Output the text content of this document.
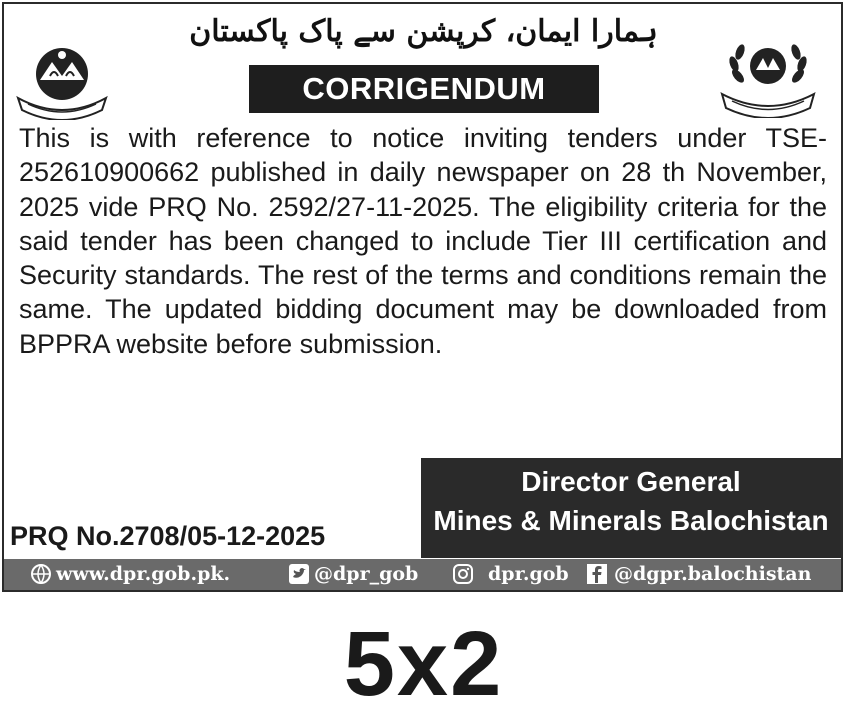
ہمارا ایمان، کرپشن سے پاک پاکستان
CORRIGENDUM
This is with reference to notice inviting tenders under TSE-252610900662 published in daily newspaper on 28 th November, 2025 vide PRQ No. 2592/27-11-2025. The eligibility criteria for the said tender has been changed to include Tier III certification and Security standards. The rest of the terms and conditions remain the same. The updated bidding document may be downloaded from BPPRA website before submission.
Director General
Mines & Minerals Balochistan
PRQ No.2708/05-12-2025
www.dpr.gob.pk.	@dpr_gob	dpr.gob @dgpr.balochistan
5x2
